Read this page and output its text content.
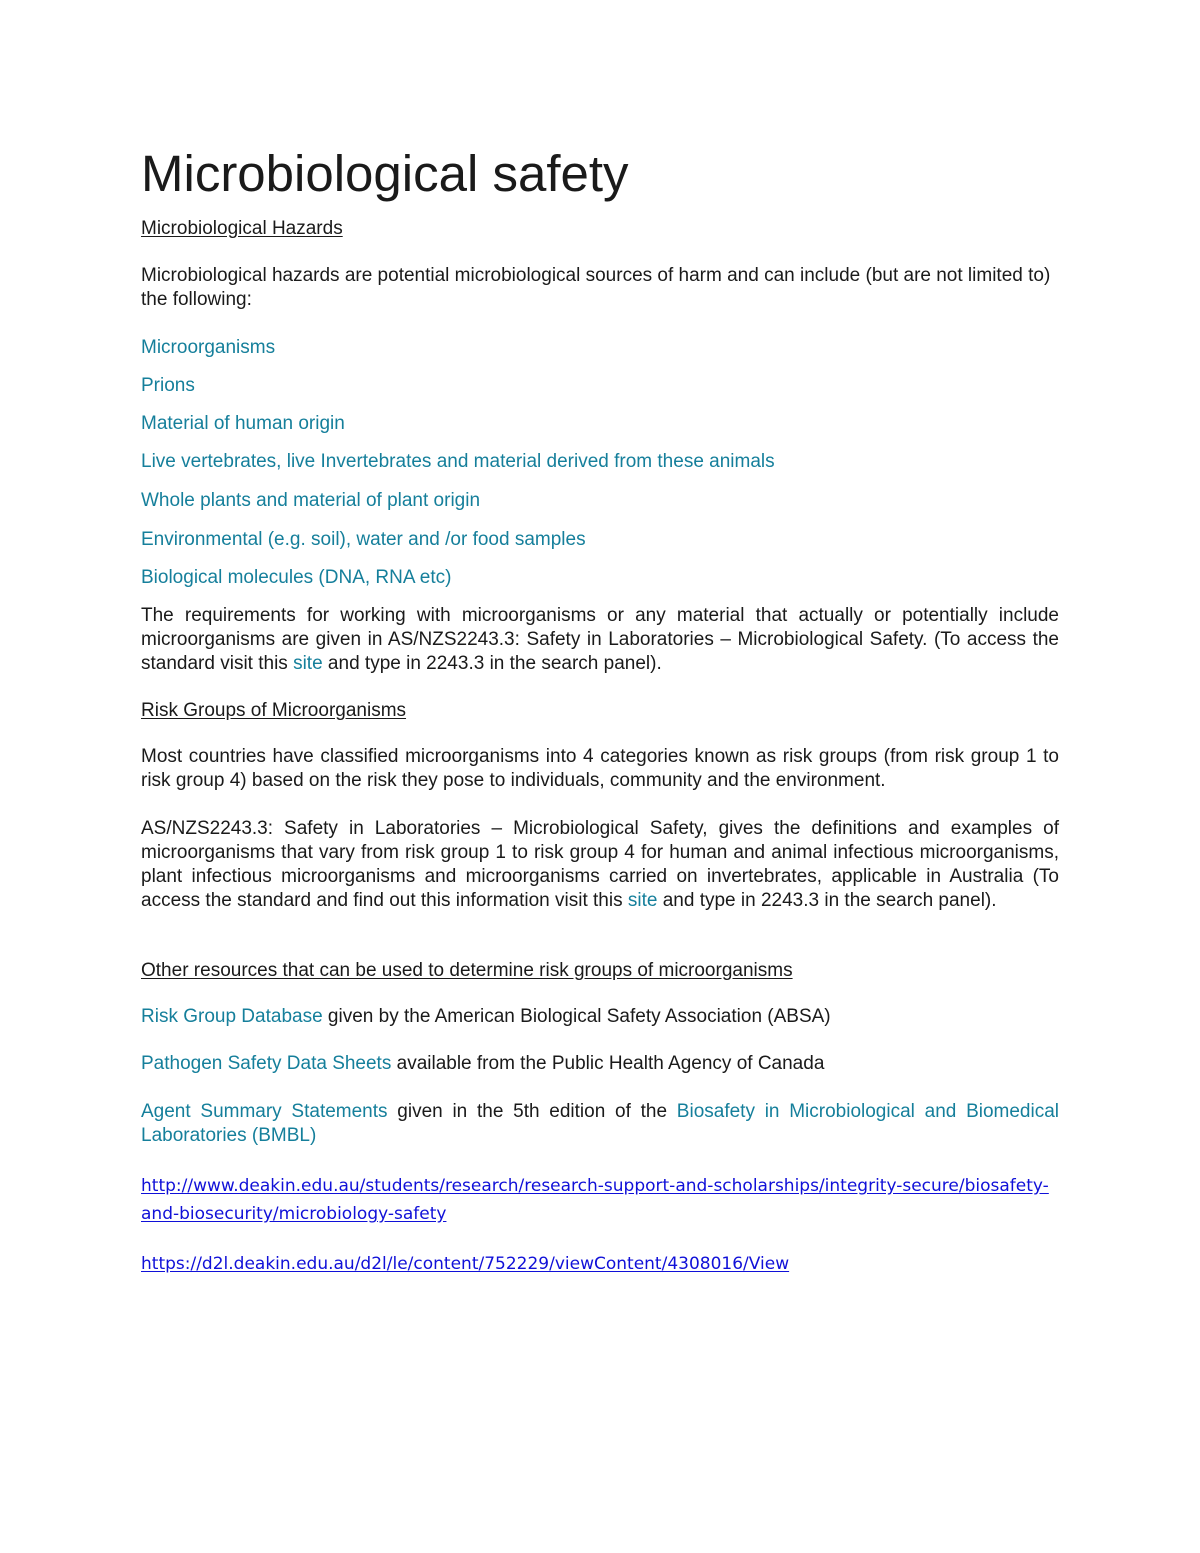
Microbiological safety

Microbiological Hazards

Microbiological hazards are potential microbiological sources of harm and can include (but are not limited to) the following:

Microorganisms

Prions

Material of human origin

Live vertebrates, live Invertebrates and material derived from these animals

Whole plants and material of plant origin

Environmental (e.g. soil), water and /or food samples

Biological molecules (DNA, RNA etc)

The requirements for working with microorganisms or any material that actually or potentially include microorganisms are given in AS/NZS2243.3: Safety in Laboratories – Microbiological Safety. (To access the standard visit this site and type in 2243.3 in the search panel).

Risk Groups of Microorganisms

Most countries have classified microorganisms into 4 categories known as risk groups (from risk group 1 to risk group 4) based on the risk they pose to individuals, community and the environment.

AS/NZS2243.3: Safety in Laboratories – Microbiological Safety, gives the definitions and examples of microorganisms that vary from risk group 1 to risk group 4 for human and animal infectious microorganisms, plant infectious microorganisms and microorganisms carried on invertebrates, applicable in Australia (To access the standard and find out this information visit this site and type in 2243.3 in the search panel).

Other resources that can be used to determine risk groups of microorganisms

Risk Group Database given by the American Biological Safety Association (ABSA)

Pathogen Safety Data Sheets available from the Public Health Agency of Canada

Agent Summary Statements given in the 5th edition of the Biosafety in Microbiological and Biomedical Laboratories (BMBL)

http://www.deakin.edu.au/students/research/research-support-and-scholarships/integrity-secure/biosafety-and-biosecurity/microbiology-safety

https://d2l.deakin.edu.au/d2l/le/content/752229/viewContent/4308016/View
